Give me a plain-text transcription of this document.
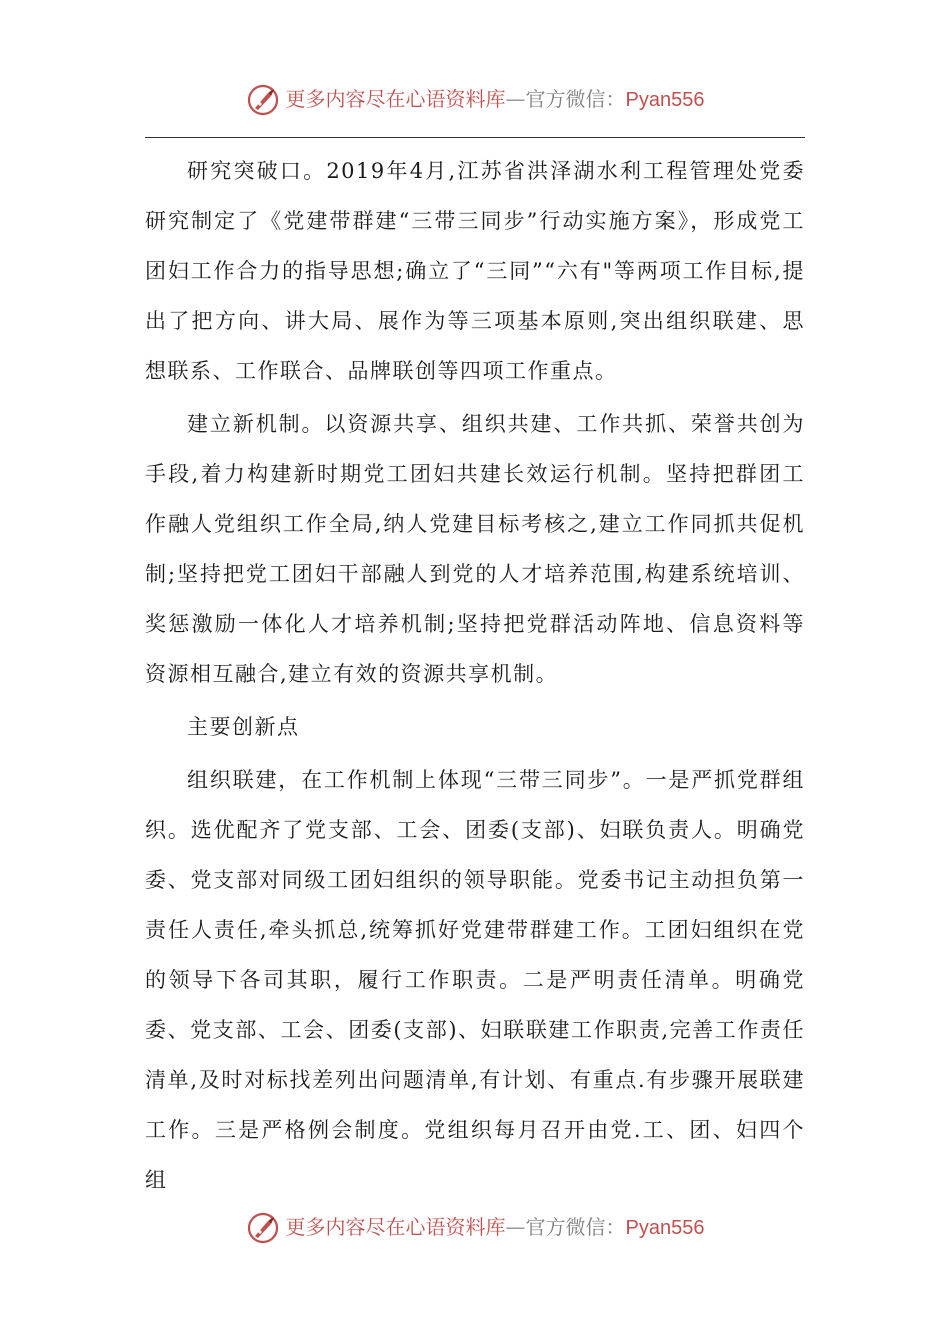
更多内容尽在心语资料库—官方微信：Pyan556

研究突破口。2019年4月,江苏省洪泽湖水利工程管理处党委研究制定了《党建带群建“三带三同步”行动实施方案》，形成党工团妇工作合力的指导思想;确立了“三同”“六有"等两项工作目标,提出了把方向、讲大局、展作为等三项基本原则,突出组织联建、思想联系、工作联合、品牌联创等四项工作重点。

建立新机制。以资源共享、组织共建、工作共抓、荣誉共创为手段,着力构建新时期党工团妇共建长效运行机制。坚持把群团工作融人党组织工作全局,纳人党建目标考核之,建立工作同抓共促机制;坚持把党工团妇干部融人到党的人才培养范围,构建系统培训、奖惩激励一体化人才培养机制;坚持把党群活动阵地、信息资料等资源相互融合,建立有效的资源共享机制。

主要创新点

组织联建，在工作机制上体现“三带三同步”。一是严抓党群组织。选优配齐了党支部、工会、团委(支部)、妇联负责人。明确党委、党支部对同级工团妇组织的领导职能。党委书记主动担负第一责任人责任,牵头抓总,统筹抓好党建带群建工作。工团妇组织在党的领导下各司其职，履行工作职责。二是严明责任清单。明确党委、党支部、工会、团委(支部)、妇联联建工作职责,完善工作责任清单,及时对标找差列出问题清单,有计划、有重点.有步骤开展联建工作。三是严格例会制度。党组织每月召开由党.工、团、妇四个组

更多内容尽在心语资料库—官方微信：Pyan556
